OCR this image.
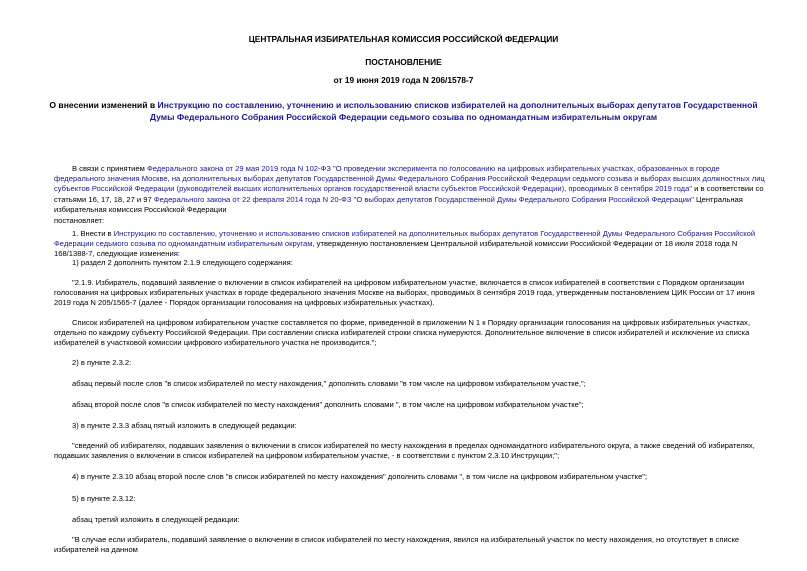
ЦЕНТРАЛЬНАЯ ИЗБИРАТЕЛЬНАЯ КОМИССИЯ РОССИЙСКОЙ ФЕДЕРАЦИИ
ПОСТАНОВЛЕНИЕ
от 19 июня 2019 года N 206/1578-7
О внесении изменений в Инструкцию по составлению, уточнению и использованию списков избирателей на дополнительных выборах депутатов Государственной Думы Федерального Собрания Российской Федерации седьмого созыва по одномандатным избирательным округам

В связи с принятием Федерального закона от 29 мая 2019 года N 102-ФЗ "О проведении эксперимента по голосованию на цифровых избирательных участках, образованных в городе федерального значения Москве, на дополнительных выборах депутатов Государственной Думы Федерального Собрания Российской Федерации седьмого созыва и выборах высших должностных лиц субъектов Российской Федерации (руководителей высших исполнительных органов государственной власти субъектов Российской Федерации), проводимых 8 сентября 2019 года" и в соответствии со статьями 16, 17, 18, 27 и 97 Федерального закона от 22 февраля 2014 года N 20-ФЗ "О выборах депутатов Государственной Думы Федерального Собрания Российской Федерации" Центральная избирательная комиссия Российской Федерации

постановляет:

1. Внести в Инструкцию по составлению, уточнению и использованию списков избирателей на дополнительных выборах депутатов Государственной Думы Федерального Собрания Российской Федерации седьмого созыва по одномандатным избирательным округам, утвержденную постановлением Центральной избирательной комиссии Российской Федерации от 18 июля 2018 года N 168/1388-7, следующие изменения:

1) раздел 2 дополнить пунктом 2.1.9 следующего содержания:

"2.1.9. Избиратель, подавший заявление о включении в список избирателей на цифровом избирательном участке, включается в список избирателей в соответствии с Порядком организации голосования на цифровых избирательных участках в городе федерального значения Москве на выборах, проводимых 8 сентября 2019 года, утвержденным постановлением ЦИК России от 17 июня 2019 года N 205/1565-7 (далее - Порядок организации голосования на цифровых избирательных участках).

Список избирателей на цифровом избирательном участке составляется по форме, приведенной в приложении N 1 к Порядку организации голосования на цифровых избирательных участках, отдельно по каждому субъекту Российской Федерации. При составлении списка избирателей строки списка нумеруются. Дополнительное включение в список избирателей и исключение из списка избирателей в участковой комиссии цифрового избирательного участка не производится.";

2) в пункте 2.3.2:

абзац первый после слов "в список избирателей по месту нахождения," дополнить словами "в том числе на цифровом избирательном участке,";

абзац второй после слов "в список избирателей по месту нахождения" дополнить словами ", в том числе на цифровом избирательном участке";

3) в пункте 2.3.3 абзац пятый изложить в следующей редакции:

"сведений об избирателях, подавших заявления о включении в список избирателей по месту нахождения в пределах одномандатного избирательного округа, а также сведений об избирателях, подавших заявления о включении в список избирателей на цифровом избирательном участке, - в соответствии с пунктом 2.3.10 Инструкции;";

4) в пункте 2.3.10 абзац второй после слов "в список избирателей по месту нахождения" дополнить словами ", в том числе на цифровом избирательном участке";

5) в пункте 2.3.12:

абзац третий изложить в следующей редакции:

"В случае если избиратель, подавший заявление о включении в список избирателей по месту нахождения, явился на избирательный участок по месту нахождения, но отсутствует в списке избирателей на данном
